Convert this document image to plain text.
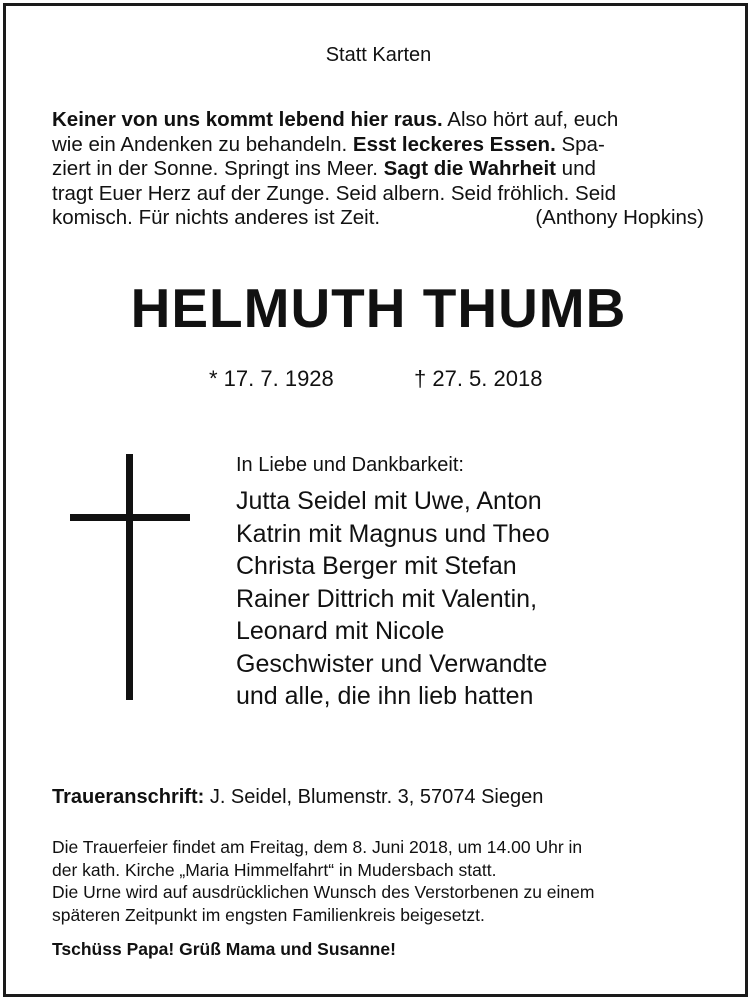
Statt Karten
Keiner von uns kommt lebend hier raus. Also hört auf, euch
wie ein Andenken zu behandeln. Esst leckeres Essen. Spa-
ziert in der Sonne. Springt ins Meer. Sagt die Wahrheit und
tragt Euer Herz auf der Zunge. Seid albern. Seid fröhlich. Seid
komisch. Für nichts anderes ist Zeit.	(Anthony Hopkins)
HELMUTH THUMB
* 17. 7. 1928	† 27. 5. 2018
In Liebe und Dankbarkeit:
Jutta Seidel mit Uwe, Anton
Katrin mit Magnus und Theo
Christa Berger mit Stefan
Rainer Dittrich mit Valentin,
Leonard mit Nicole
Geschwister und Verwandte
und alle, die ihn lieb hatten
Traueranschrift: J. Seidel, Blumenstr. 3, 57074 Siegen
Die Trauerfeier findet am Freitag, dem 8. Juni 2018, um 14.00 Uhr in
der kath. Kirche „Maria Himmelfahrt“ in Mudersbach statt.
Die Urne wird auf ausdrücklichen Wunsch des Verstorbenen zu einem
späteren Zeitpunkt im engsten Familienkreis beigesetzt.
Tschüss Papa! Grüß Mama und Susanne!
